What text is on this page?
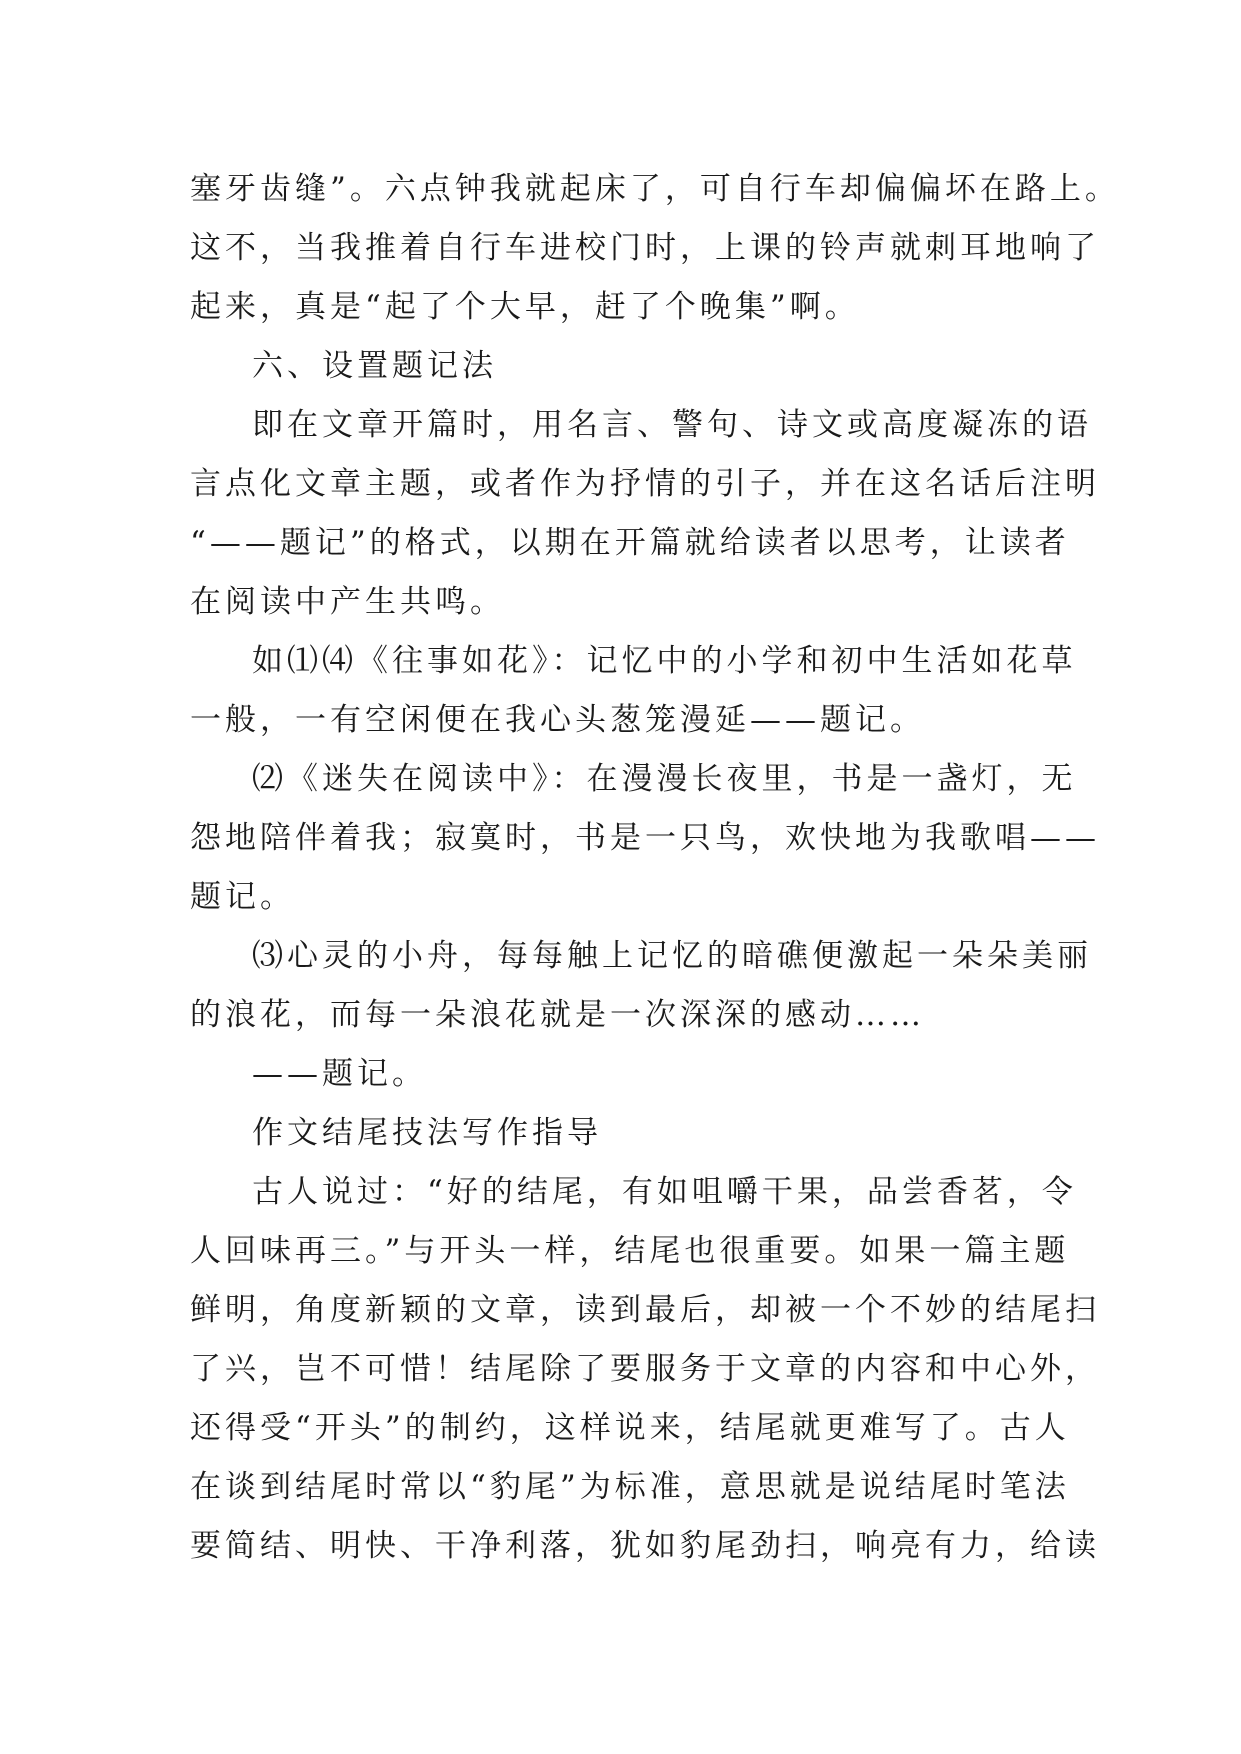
塞牙齿缝”。六点钟我就起床了，可自行车却偏偏坏在路上。
这不，当我推着自行车进校门时，上课的铃声就刺耳地响了
起来，真是“起了个大早，赶了个晚集”啊。
六、设置题记法
即在文章开篇时，用名言、警句、诗文或高度凝冻的语
言点化文章主题，或者作为抒情的引子，并在这名话后注明
“——题记”的格式，以期在开篇就给读者以思考，让读者
在阅读中产生共鸣。
如⑴⑷《往事如花》：记忆中的小学和初中生活如花草
一般，一有空闲便在我心头葱笼漫延——题记。
⑵《迷失在阅读中》：在漫漫长夜里，书是一盏灯，无
怨地陪伴着我；寂寞时，书是一只鸟，欢快地为我歌唱——
题记。
⑶心灵的小舟，每每触上记忆的暗礁便激起一朵朵美丽
的浪花，而每一朵浪花就是一次深深的感动……
——题记。
作文结尾技法写作指导
古人说过：“好的结尾，有如咀嚼干果，品尝香茗，令
人回味再三。”与开头一样，结尾也很重要。如果一篇主题
鲜明，角度新颖的文章，读到最后，却被一个不妙的结尾扫
了兴，岂不可惜！结尾除了要服务于文章的内容和中心外，
还得受“开头”的制约，这样说来，结尾就更难写了。古人
在谈到结尾时常以“豹尾”为标准，意思就是说结尾时笔法
要简结、明快、干净利落，犹如豹尾劲扫，响亮有力，给读
